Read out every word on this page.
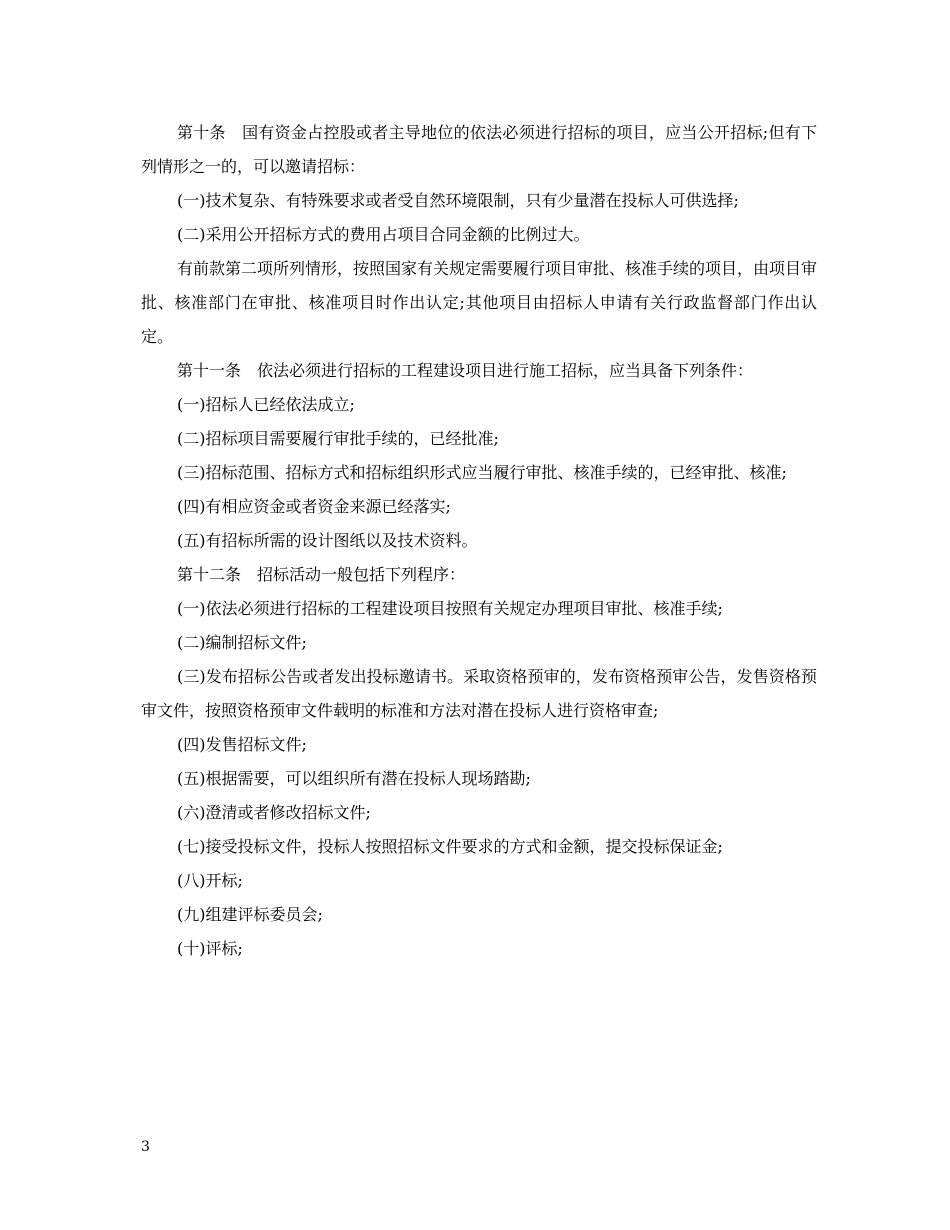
第十条　国有资金占控股或者主导地位的依法必须进行招标的项目，应当公开招标;但有下列情形之一的，可以邀请招标：

(一)技术复杂、有特殊要求或者受自然环境限制，只有少量潜在投标人可供选择;

(二)采用公开招标方式的费用占项目合同金额的比例过大。

有前款第二项所列情形，按照国家有关规定需要履行项目审批、核准手续的项目，由项目审批、核准部门在审批、核准项目时作出认定;其他项目由招标人申请有关行政监督部门作出认定。

第十一条　依法必须进行招标的工程建设项目进行施工招标，应当具备下列条件：

(一)招标人已经依法成立;

(二)招标项目需要履行审批手续的，已经批准;

(三)招标范围、招标方式和招标组织形式应当履行审批、核准手续的，已经审批、核准;

(四)有相应资金或者资金来源已经落实;

(五)有招标所需的设计图纸以及技术资料。

第十二条　招标活动一般包括下列程序：

(一)依法必须进行招标的工程建设项目按照有关规定办理项目审批、核准手续;

(二)编制招标文件;

(三)发布招标公告或者发出投标邀请书。采取资格预审的，发布资格预审公告，发售资格预审文件，按照资格预审文件载明的标准和方法对潜在投标人进行资格审查;

(四)发售招标文件;

(五)根据需要，可以组织所有潜在投标人现场踏勘;

(六)澄清或者修改招标文件;

(七)接受投标文件，投标人按照招标文件要求的方式和金额，提交投标保证金;

(八)开标;

(九)组建评标委员会;

(十)评标;

3
